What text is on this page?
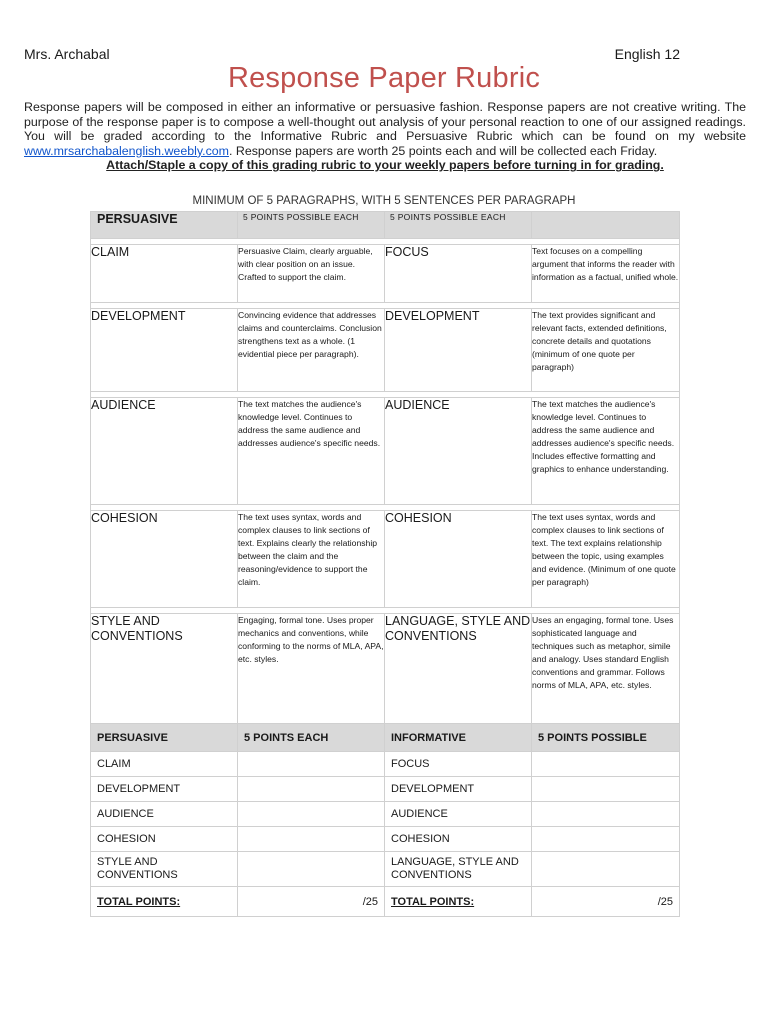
Mrs. Archabal	English 12
Response Paper Rubric
Response papers will be composed in either an informative or persuasive fashion. Response papers are not creative writing. The purpose of the response paper is to compose a well-thought out analysis of your personal reaction to one of our assigned readings. You will be graded according to the Informative Rubric and Persuasive Rubric which can be found on my website www.mrsarchabalenglish.weebly.com. Response papers are worth 25 points each and will be collected each Friday.
Attach/Staple a copy of this grading rubric to your weekly papers before turning in for grading.
MINIMUM OF 5 PARAGRAPHS, WITH 5 SENTENCES PER PARAGRAPH
PERSUASIVE	5 POINTS POSSIBLE EACH	5 POINTS POSSIBLE EACH	

CLAIM	Persuasive Claim, clearly arguable, with clear position on an issue. Crafted to support the claim.	FOCUS	Text focuses on a compelling argument that informs the reader with information as a factual, unified whole.

DEVELOPMENT	Convincing evidence that addresses claims and counterclaims. Conclusion strengthens text as a whole. (1 evidential piece per paragraph).	DEVELOPMENT	The text provides significant and relevant facts, extended definitions, concrete details and quotations (minimum of one quote per paragraph)

AUDIENCE	The text matches the audience's knowledge level. Continues to address the same audience and addresses audience's specific needs.	AUDIENCE	The text matches the audience's knowledge level. Continues to address the same audience and addresses audience's specific needs. Includes effective formatting and graphics to enhance understanding.

COHESION	The text uses syntax, words and complex clauses to link sections of text. Explains clearly the relationship between the claim and the reasoning/evidence to support the claim.	COHESION	The text uses syntax, words and complex clauses to link sections of text. The text explains relationship between the topic, using examples and evidence. (Minimum of one quote per paragraph)

STYLE AND CONVENTIONS	Engaging, formal tone. Uses proper mechanics and conventions, while conforming to the norms of MLA, APA, etc. styles.	LANGUAGE, STYLE AND CONVENTIONS	Uses an engaging, formal tone. Uses sophisticated language and techniques such as metaphor, simile and analogy. Uses standard English conventions and grammar. Follows norms of MLA, APA, etc. styles.
PERSUASIVE	5 POINTS EACH	INFORMATIVE	5 POINTS POSSIBLE
CLAIM		FOCUS	
DEVELOPMENT		DEVELOPMENT	
AUDIENCE		AUDIENCE	
COHESION		COHESION	
STYLE AND CONVENTIONS		LANGUAGE, STYLE AND CONVENTIONS	
TOTAL POINTS:	/25	TOTAL POINTS:	/25
